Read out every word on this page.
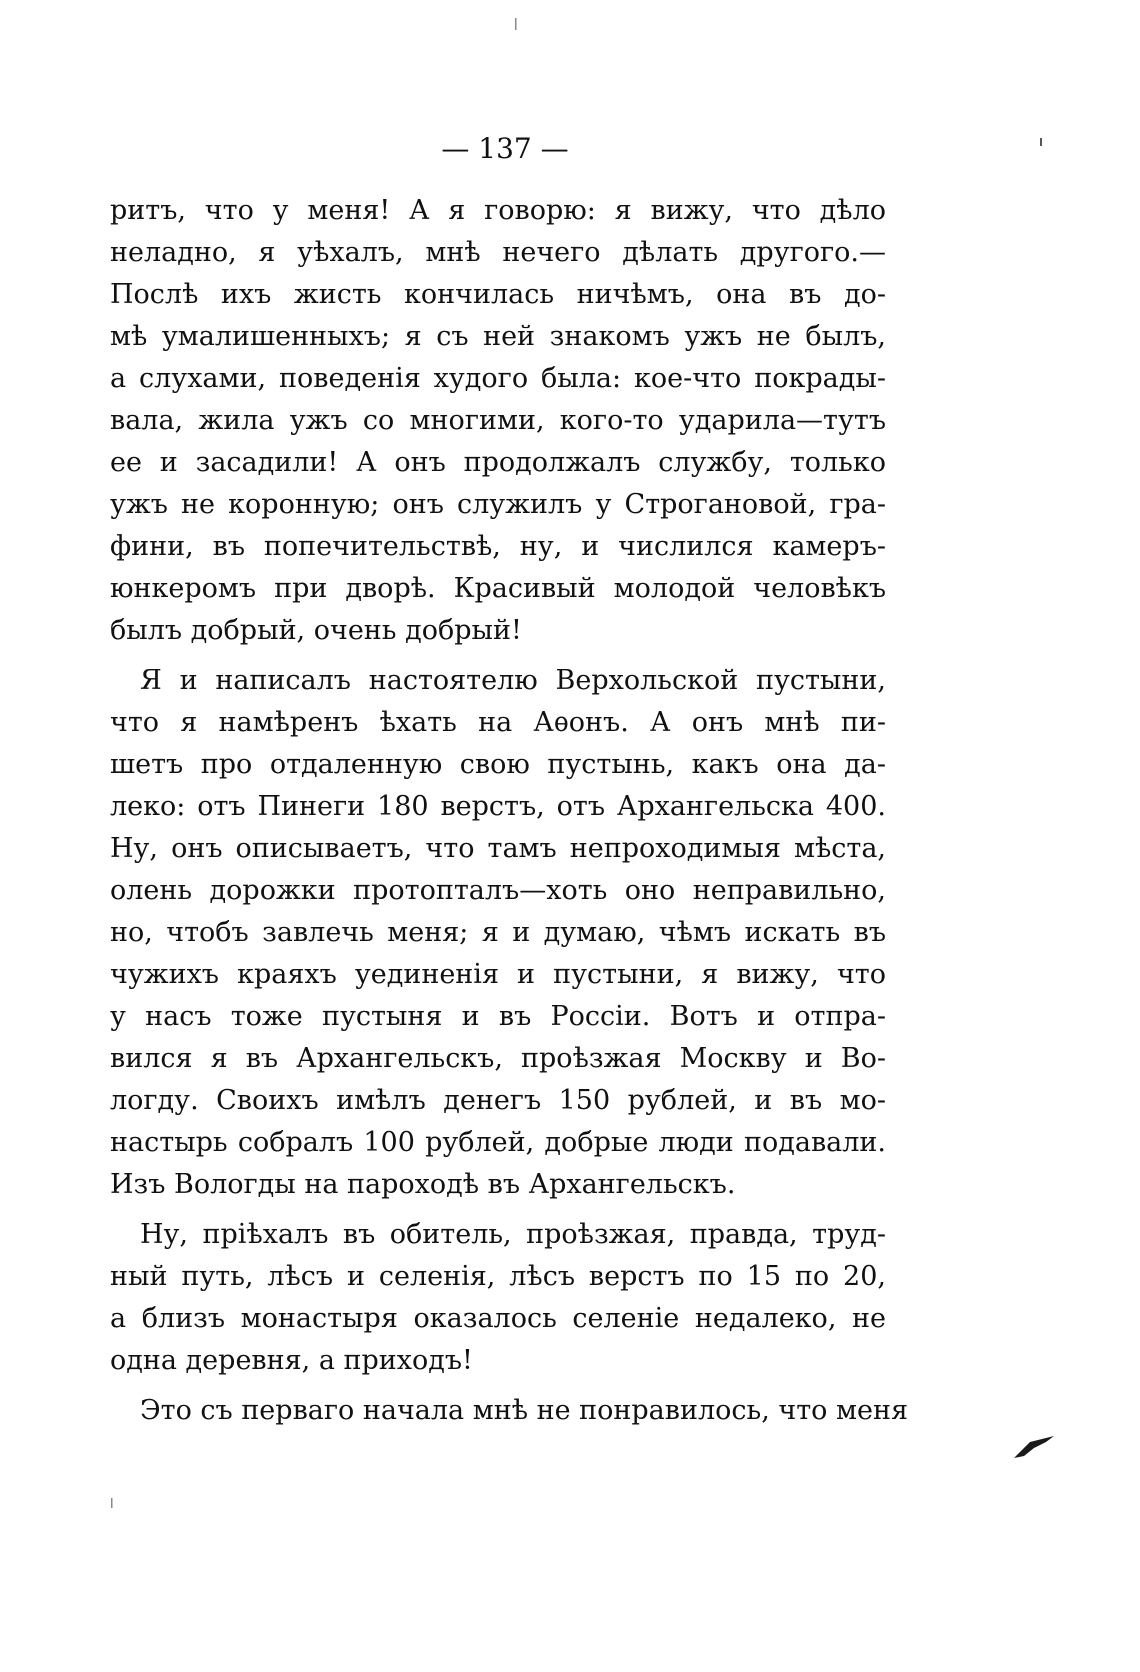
— 137 —
ритъ, что у меня! А я говорю: я вижу, что дѣло
неладно, я уѣхалъ, мнѣ нечего дѣлать другого.—
Послѣ ихъ жисть кончилась ничѣмъ, она въ до-
мѣ умалишенныхъ; я съ ней знакомъ ужъ не былъ,
а слухами, поведенія худого была: кое-что покрады-
вала, жила ужъ со многими, кого-то ударила—тутъ
ее и засадили! А онъ продолжалъ службу, только
ужъ не коронную; онъ служилъ у Строгановой, гра-
фини, въ попечительствѣ, ну, и числился камеръ-
юнкеромъ при дворѣ. Красивый молодой человѣкъ
былъ добрый, очень добрый!
Я и написалъ настоятелю Верхольской пустыни,
что я намѣренъ ѣхать на Аѳонъ. А онъ мнѣ пи-
шетъ про отдаленную свою пустынь, какъ она да-
леко: отъ Пинеги 180 верстъ, отъ Архангельска 400.
Ну, онъ описываетъ, что тамъ непроходимыя мѣста,
олень дорожки протопталъ—хоть оно неправильно,
но, чтобъ завлечь меня; я и думаю, чѣмъ искать въ
чужихъ краяхъ уединенія и пустыни, я вижу, что
у насъ тоже пустыня и въ Россіи. Вотъ и отпра-
вился я въ Архангельскъ, проѣзжая Москву и Во-
логду. Своихъ имѣлъ денегъ 150 рублей, и въ мо-
настырь собралъ 100 рублей, добрые люди подавали.
Изъ Вологды на пароходѣ въ Архангельскъ.
Ну, пріѣхалъ въ обитель, проѣзжая, правда, труд-
ный путь, лѣсъ и селенія, лѣсъ верстъ по 15 по 20,
а близъ монастыря оказалось селеніе недалеко, не
одна деревня, а приходъ!
Это съ перваго начала мнѣ не понравилось, что меня
